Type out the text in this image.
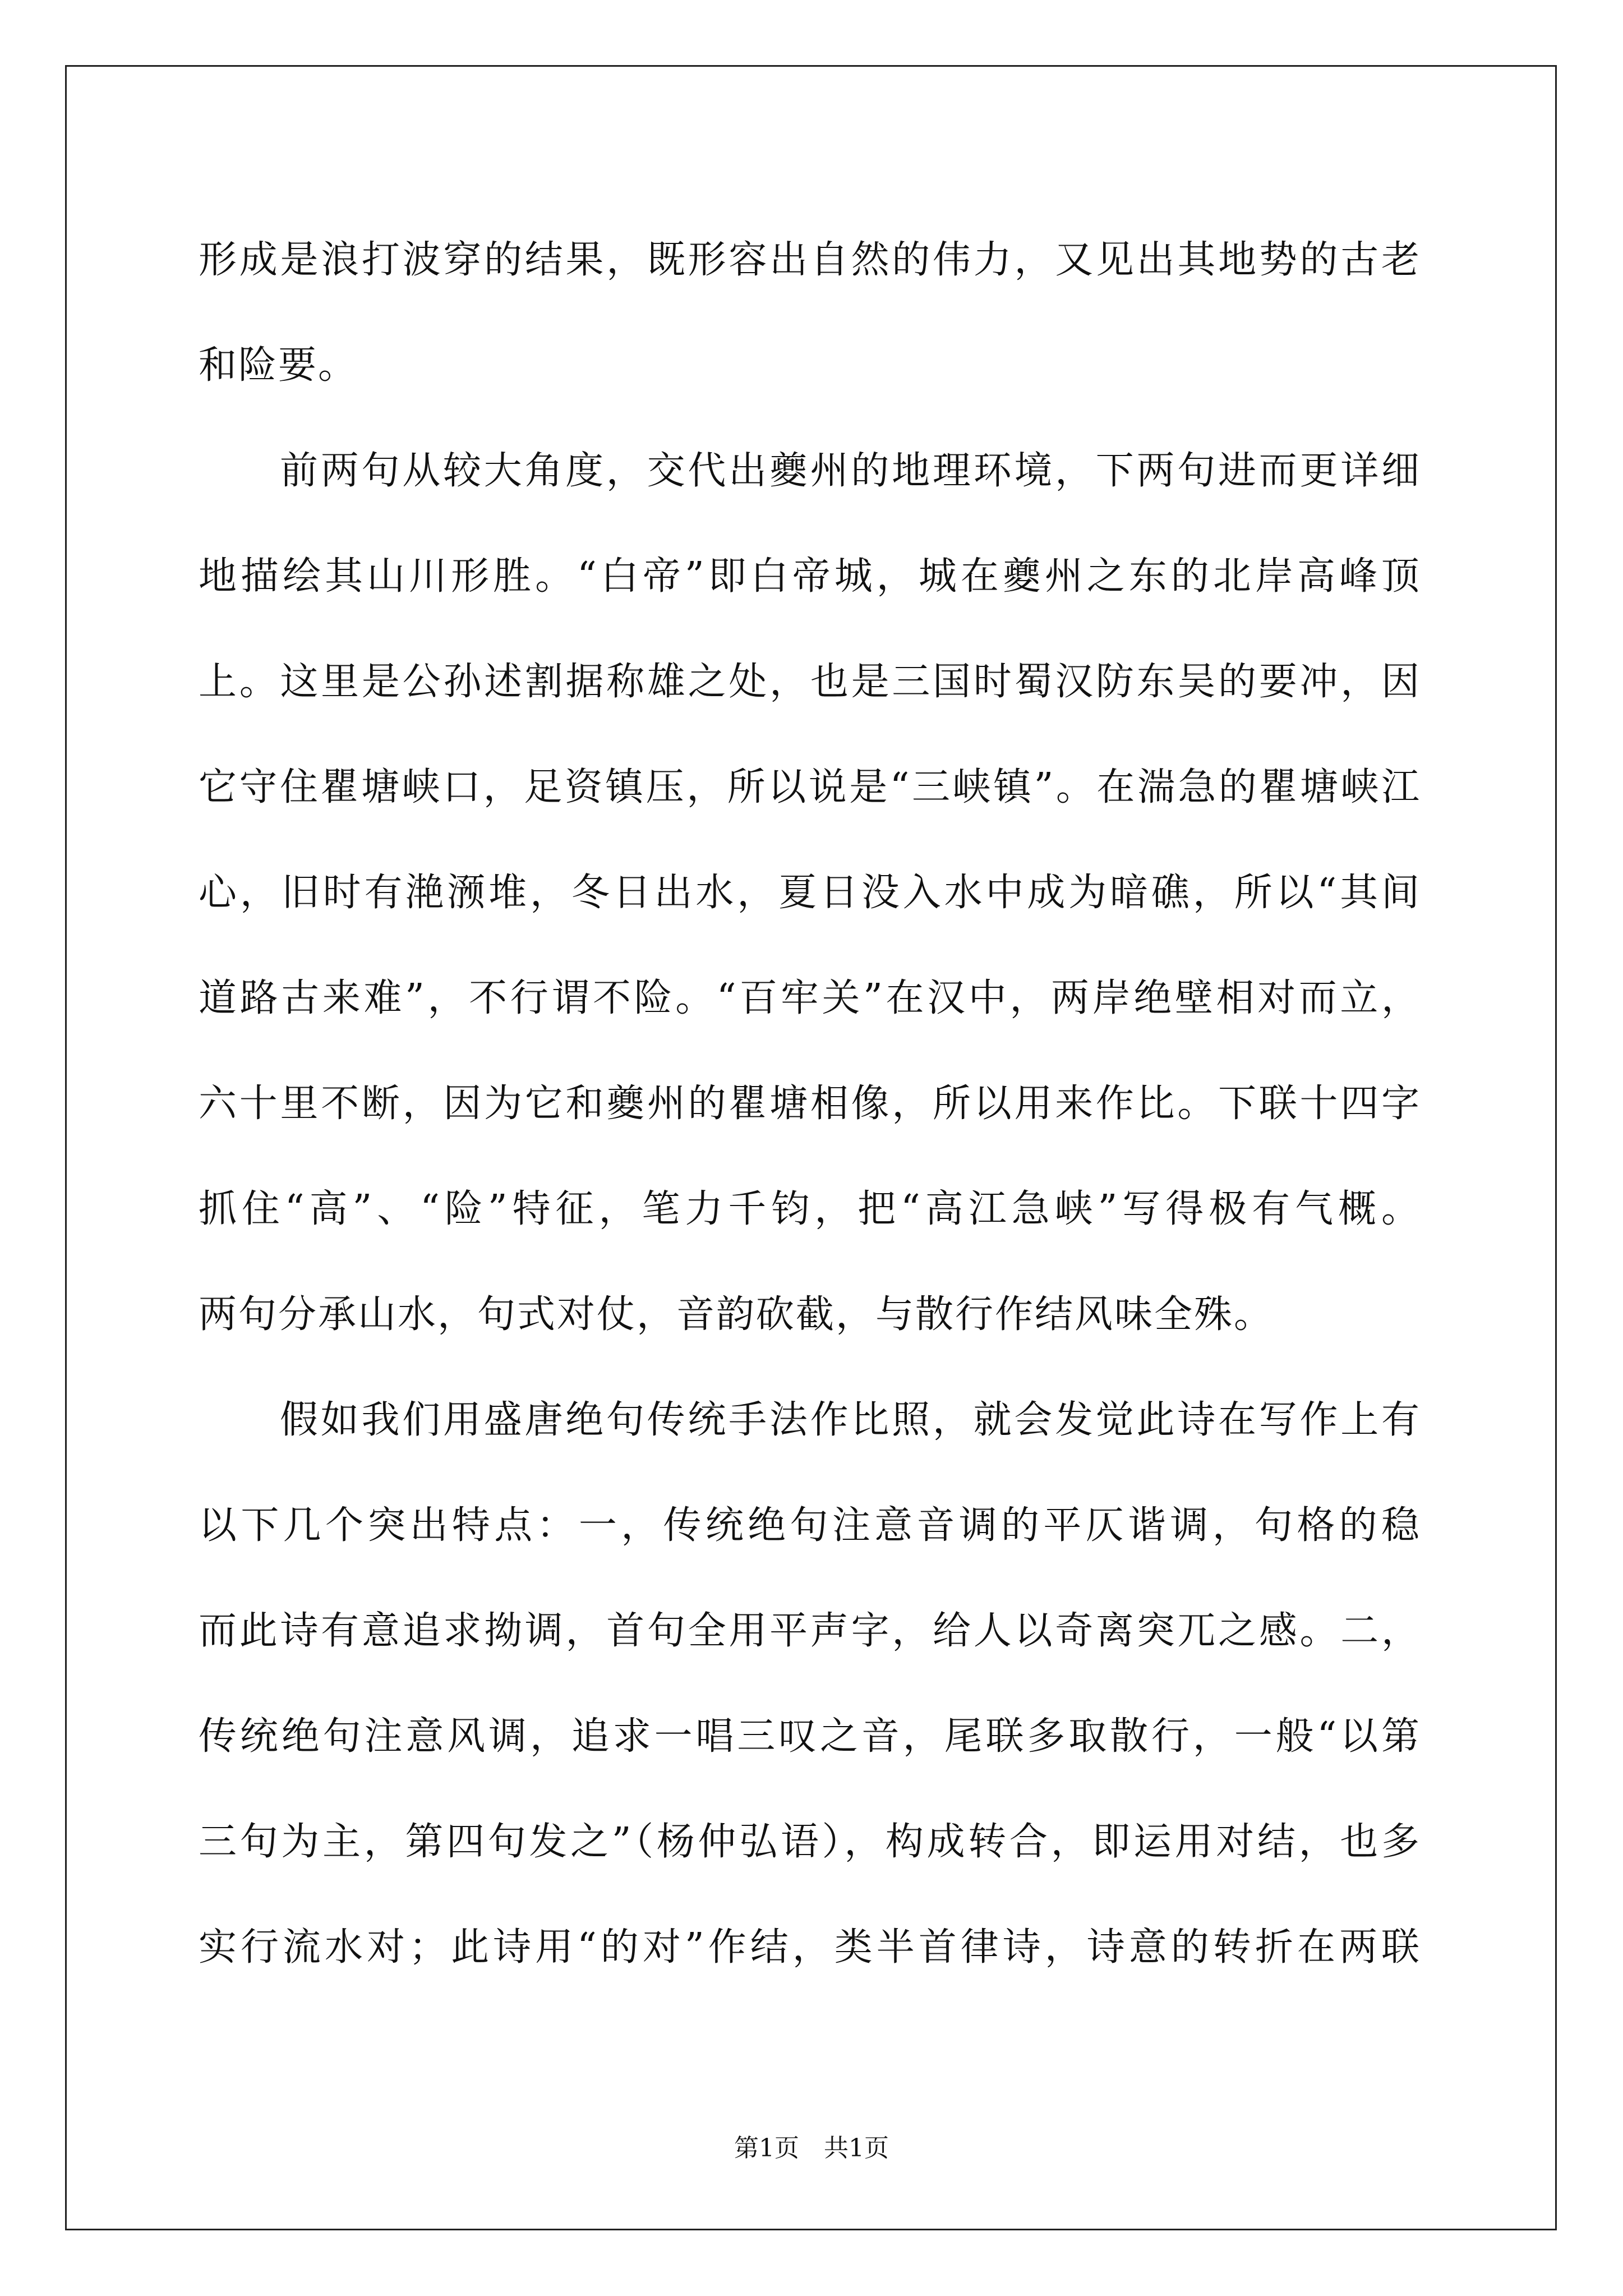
形成是浪打波穿的结果，既形容出自然的伟力，又见出其地势的古老
和险要。
前两句从较大角度，交代出夔州的地理环境，下两句进而更详细
地描绘其山川形胜。“白帝”即白帝城，城在夔州之东的北岸高峰顶
上。这里是公孙述割据称雄之处，也是三国时蜀汉防东吴的要冲，因
它守住瞿塘峡口，足资镇压，所以说是“三峡镇”。在湍急的瞿塘峡江
心，旧时有滟滪堆，冬日出水，夏日没入水中成为暗礁，所以“其间
道路古来难”，不行谓不险。“百牢关”在汉中，两岸绝壁相对而立，
六十里不断，因为它和夔州的瞿塘相像，所以用来作比。下联十四字
抓住“高”、“险”特征，笔力千钧，把“高江急峡”写得极有气概。
两句分承山水，句式对仗，音韵砍截，与散行作结风味全殊。
假如我们用盛唐绝句传统手法作比照，就会发觉此诗在写作上有
以下几个突出特点：一，传统绝句注意音调的平仄谐调，句格的稳
而此诗有意追求拗调，首句全用平声字，给人以奇离突兀之感。二，
传统绝句注意风调，追求一唱三叹之音，尾联多取散行，一般“以第
三句为主，第四句发之”（杨仲弘语），构成转合，即运用对结，也多
实行流水对；此诗用“的对”作结，类半首律诗，诗意的转折在两联
第1页　共1页
